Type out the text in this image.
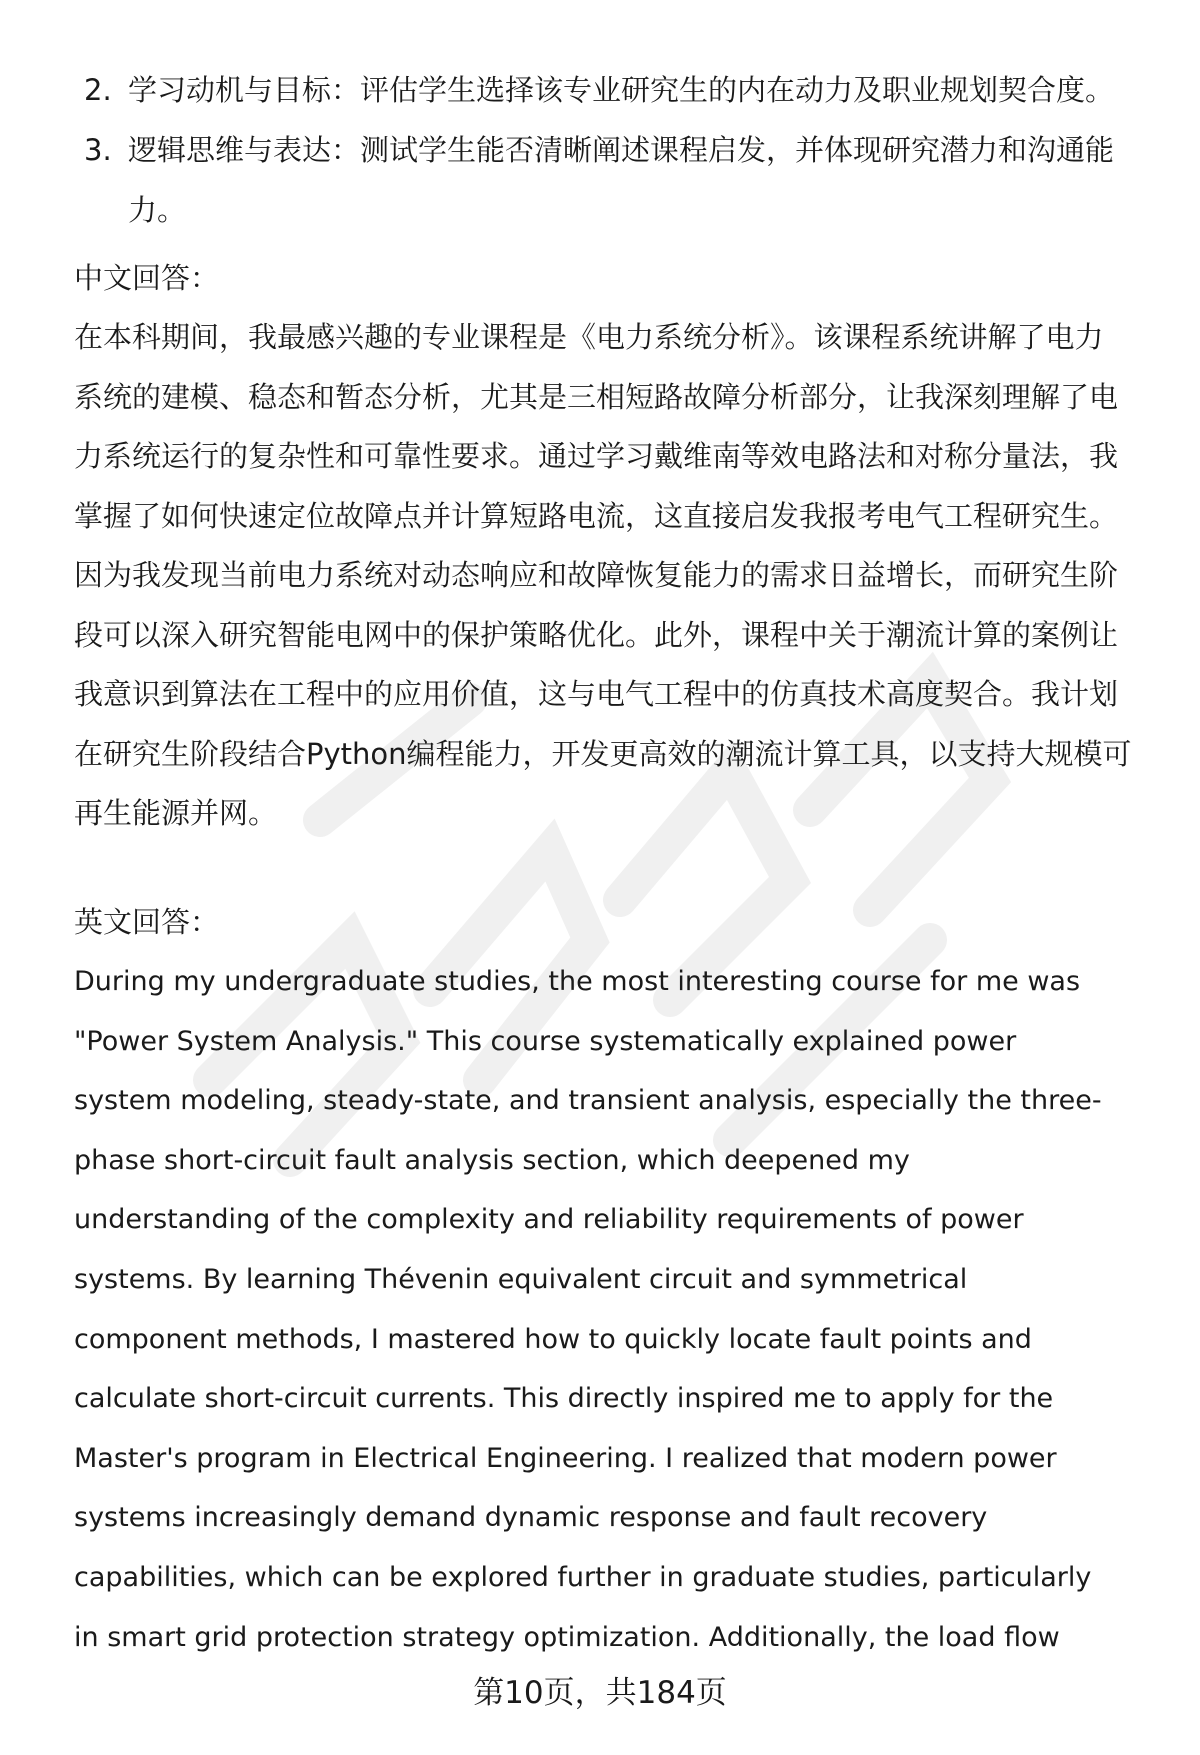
2. 学习动机与目标：评估学生选择该专业研究生的内在动力及职业规划契合度。
3. 逻辑思维与表达：测试学生能否清晰阐述课程启发，并体现研究潜力和沟通能
力。
中文回答：

在本科期间，我最感兴趣的专业课程是《电力系统分析》。该课程系统讲解了电力
系统的建模、稳态和暂态分析，尤其是三相短路故障分析部分，让我深刻理解了电
力系统运行的复杂性和可靠性要求。通过学习戴维南等效电路法和对称分量法，我
掌握了如何快速定位故障点并计算短路电流，这直接启发我报考电气工程研究生。
因为我发现当前电力系统对动态响应和故障恢复能力的需求日益增长，而研究生阶
段可以深入研究智能电网中的保护策略优化。此外，课程中关于潮流计算的案例让
我意识到算法在工程中的应用价值，这与电气工程中的仿真技术高度契合。我计划
在研究生阶段结合Python编程能力，开发更高效的潮流计算工具，以支持大规模可
再生能源并网。

英文回答：

During my undergraduate studies, the most interesting course for me was
"Power System Analysis." This course systematically explained power
system modeling, steady-state, and transient analysis, especially the three-
phase short-circuit fault analysis section, which deepened my
understanding of the complexity and reliability requirements of power
systems. By learning Thévenin equivalent circuit and symmetrical
component methods, I mastered how to quickly locate fault points and
calculate short-circuit currents. This directly inspired me to apply for the
Master's program in Electrical Engineering. I realized that modern power
systems increasingly demand dynamic response and fault recovery
capabilities, which can be explored further in graduate studies, particularly
in smart grid protection strategy optimization. Additionally, the load flow

第10页，共184页
